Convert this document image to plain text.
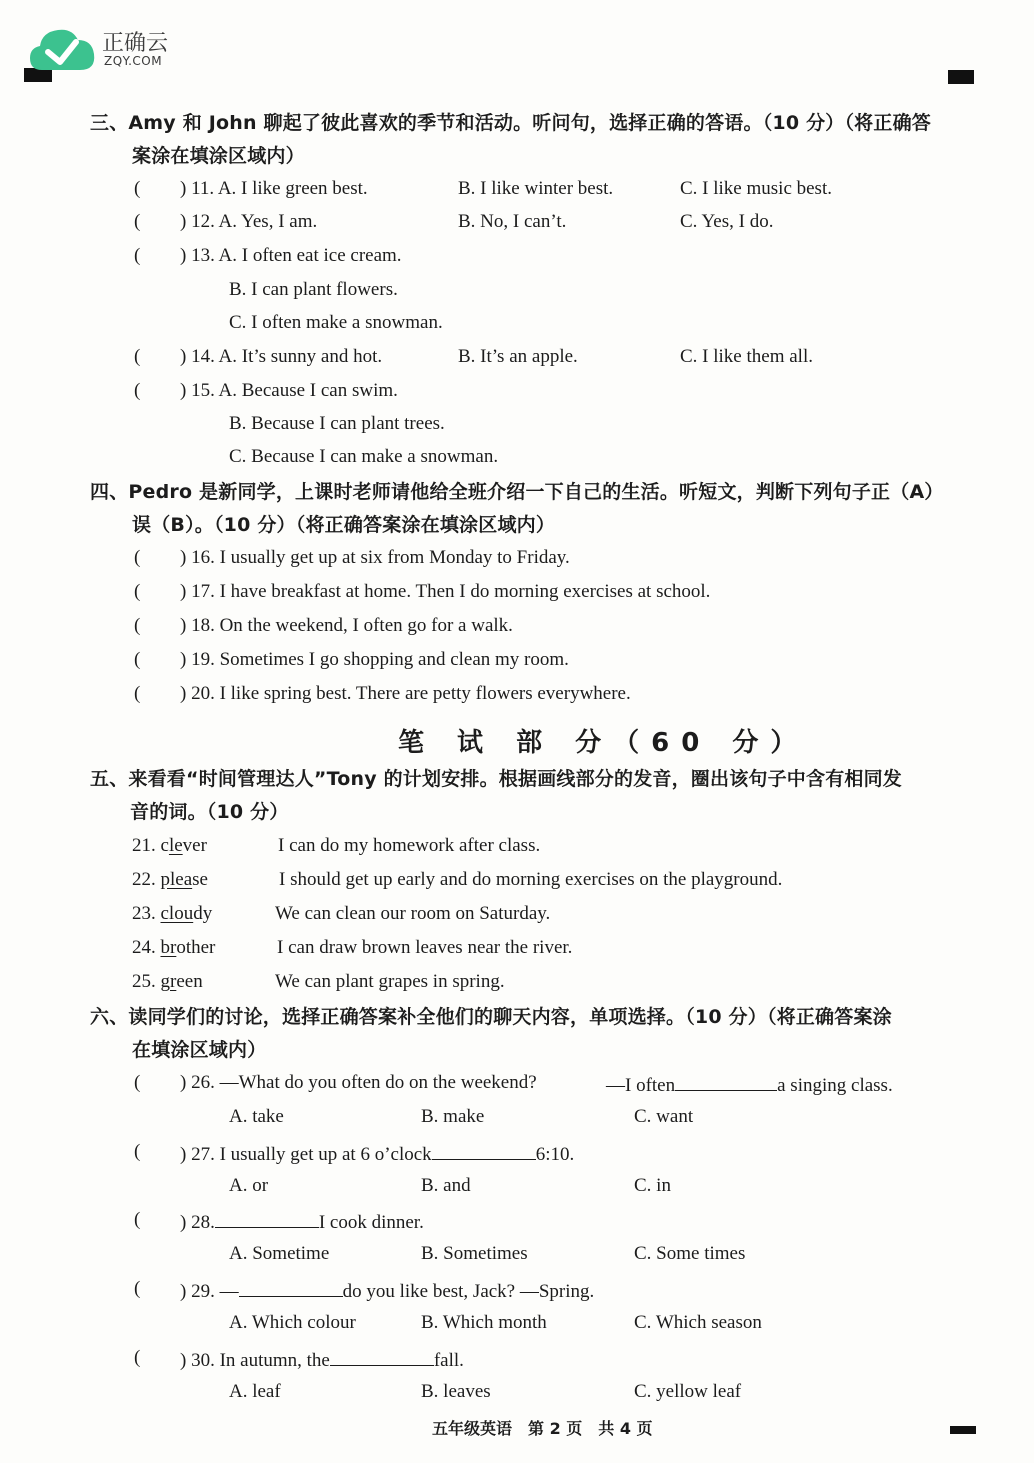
正确云
ZQY.COM
三、Amy 和 John 聊起了彼此喜欢的季节和活动。听问句，选择正确的答语。（10 分）（将正确答
案涂在填涂区域内）
( ) 11. A. I like green best.	B. I like winter best.	C. I like music best.
( ) 12. A. Yes, I am.	B. No, I can’t.	C. Yes, I do.
( ) 13. A. I often eat ice cream.
B. I can plant flowers.
C. I often make a snowman.
( ) 14. A. It’s sunny and hot.	B. It’s an apple.	C. I like them all.
( ) 15. A. Because I can swim.
B. Because I can plant trees.
C. Because I can make a snowman.
四、Pedro 是新同学，上课时老师请他给全班介绍一下自己的生活。听短文，判断下列句子正（A）
误（B）。（10 分）（将正确答案涂在填涂区域内）
( ) 16. I usually get up at six from Monday to Friday.
( ) 17. I have breakfast at home. Then I do morning exercises at school.
( ) 18. On the weekend, I often go for a walk.
( ) 19. Sometimes I go shopping and clean my room.
( ) 20. I like spring best. There are petty flowers everywhere.
笔 试 部 分（60 分）
五、来看看“时间管理达人”Tony 的计划安排。根据画线部分的发音，圈出该句子中含有相同发
音的词。（10 分）
21. clever	I can do my homework after class.
22. please	I should get up early and do morning exercises on the playground.
23. cloudy	We can clean our room on Saturday.
24. brother	I can draw brown leaves near the river.
25. green	We can plant grapes in spring.
六、读同学们的讨论，选择正确答案补全他们的聊天内容，单项选择。（10 分）（将正确答案涂
在填涂区域内）
( ) 26. —What do you often do on the weekend?	—I often	a singing class.
A. take	B. make	C. want
( ) 27. I usually get up at 6 o’clock	6:10.
A. or	B. and	C. in
( ) 28.	I cook dinner.
A. Sometime	B. Sometimes	C. Some times
( ) 29. —	do you like best, Jack? —Spring.
A. Which colour	B. Which month	C. Which season
( ) 30. In autumn, the	fall.
A. leaf	B. leaves	C. yellow leaf
五年级英语　第 2 页　共 4 页
